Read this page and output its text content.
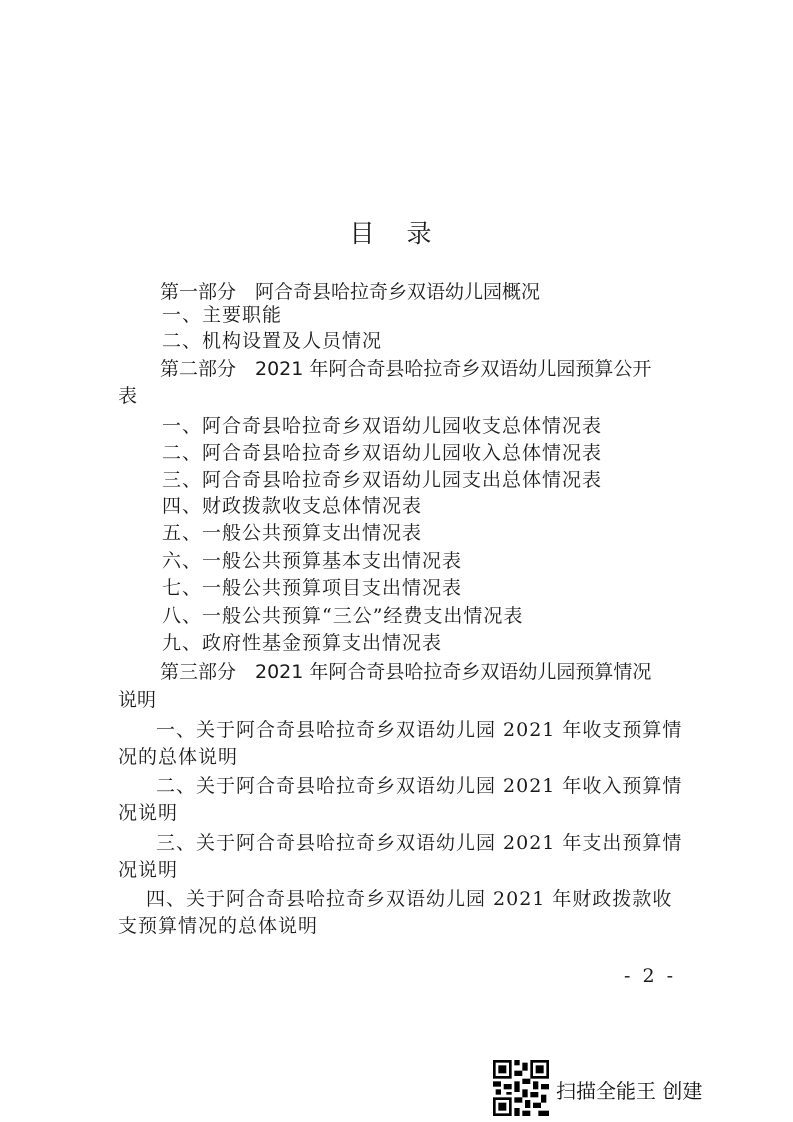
目 录
第一部分　阿合奇县哈拉奇乡双语幼儿园概况
一、主要职能
二、机构设置及人员情况
第二部分　2021 年阿合奇县哈拉奇乡双语幼儿园预算公开
表
一、阿合奇县哈拉奇乡双语幼儿园收支总体情况表
二、阿合奇县哈拉奇乡双语幼儿园收入总体情况表
三、阿合奇县哈拉奇乡双语幼儿园支出总体情况表
四、财政拨款收支总体情况表
五、一般公共预算支出情况表
六、一般公共预算基本支出情况表
七、一般公共预算项目支出情况表
八、一般公共预算“三公”经费支出情况表
九、政府性基金预算支出情况表
第三部分　2021 年阿合奇县哈拉奇乡双语幼儿园预算情况
说明
一、关于阿合奇县哈拉奇乡双语幼儿园 2021 年收支预算情
况的总体说明
二、关于阿合奇县哈拉奇乡双语幼儿园 2021 年收入预算情
况说明
三、关于阿合奇县哈拉奇乡双语幼儿园 2021 年支出预算情
况说明
四、关于阿合奇县哈拉奇乡双语幼儿园 2021 年财政拨款收
支预算情况的总体说明
- 2 -
扫描全能王 创建
